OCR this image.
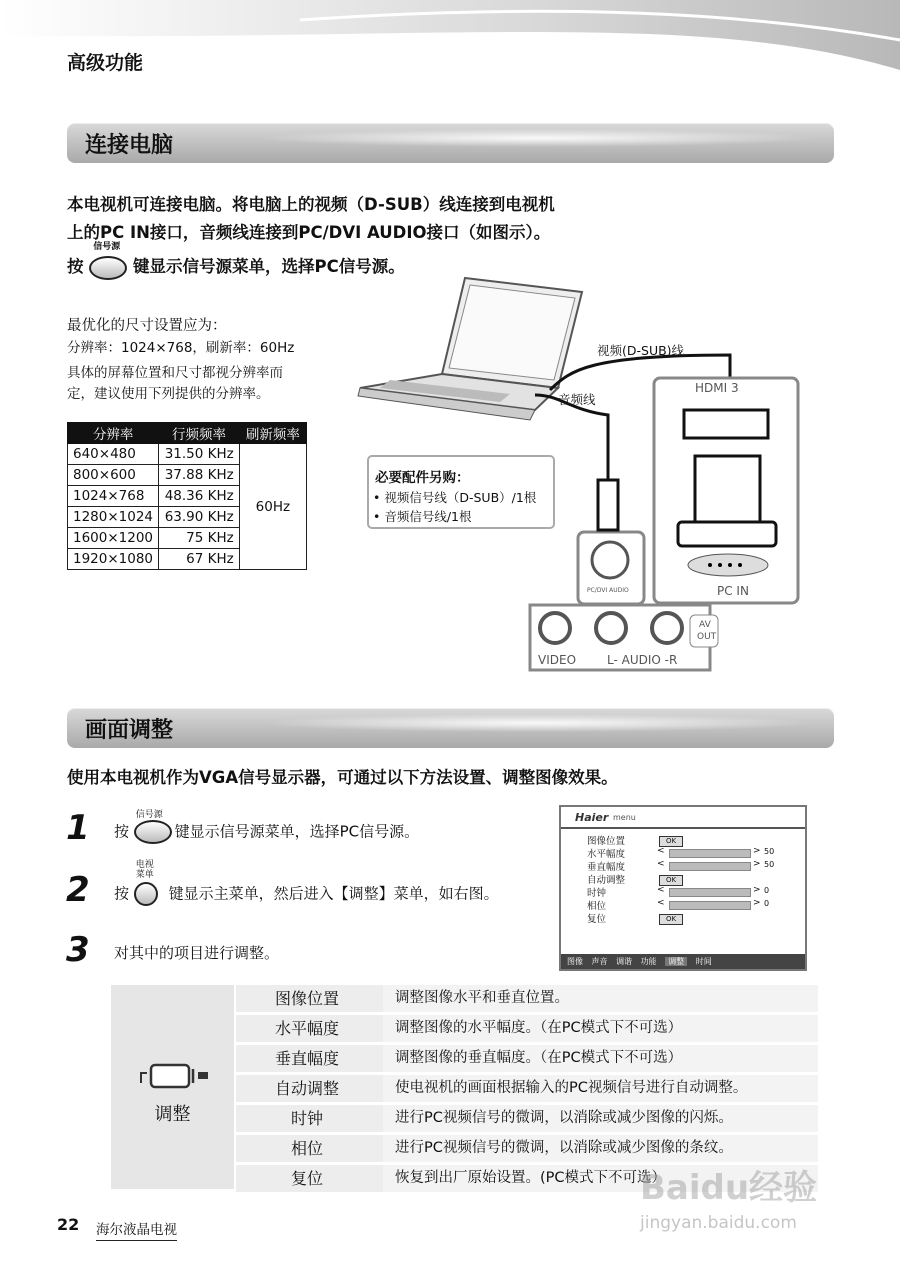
高级功能
连接电脑
本电视机可连接电脑。将电脑上的视频（D-SUB）线连接到电视机
上的PC IN接口，音频线连接到PC/DVI AUDIO接口（如图示）。
按
信号源
键显示信号源菜单，选择PC信号源。
最优化的尺寸设置应为：
分辨率：1024×768，刷新率：60Hz
具体的屏幕位置和尺寸都视分辨率而
定，建议使用下列提供的分辨率。
分辨率	行频频率	刷新频率
640×480	31.50 KHz	60Hz
800×600	37.88 KHz	
1024×768	48.36 KHz	
1280×1024	63.90 KHz	
1600×1200	75 KHz	
1920×1080	67 KHz	
视频(D-SUB)线
音频线
HDMI 3
PC IN
PC/DVI AUDIO
必要配件另购：
• 视频信号线（D-SUB）/1根
• 音频信号线/1根
VIDEO	L- AUDIO -R
AV
OUT
画面调整
使用本电视机作为VGA信号显示器，可通过以下方法设置、调整图像效果。
1 按
信号源
键显示信号源菜单，选择PC信号源。
2 按
电视
菜单
键显示主菜单，然后进入【调整】菜单，如右图。
3 对其中的项目进行调整。
Haier menu
图像位置	OK
水平幅度	<	> 50
垂直幅度	<	> 50
自动调整	OK
时钟	<	> 0
相位	<	> 0
复位	OK
图像 声音 调谐 功能 调整 时间
调整
图像位置	调整图像水平和垂直位置。
水平幅度	调整图像的水平幅度。（在PC模式下不可选）
垂直幅度	调整图像的垂直幅度。（在PC模式下不可选）
自动调整	使电视机的画面根据输入的PC视频信号进行自动调整。
时钟	进行PC视频信号的微调，以消除或减少图像的闪烁。
相位	进行PC视频信号的微调，以消除或减少图像的条纹。
复位	恢复到出厂原始设置。(PC模式下不可选）
22 海尔液晶电视
Baidu经验
jingyan.baidu.com
